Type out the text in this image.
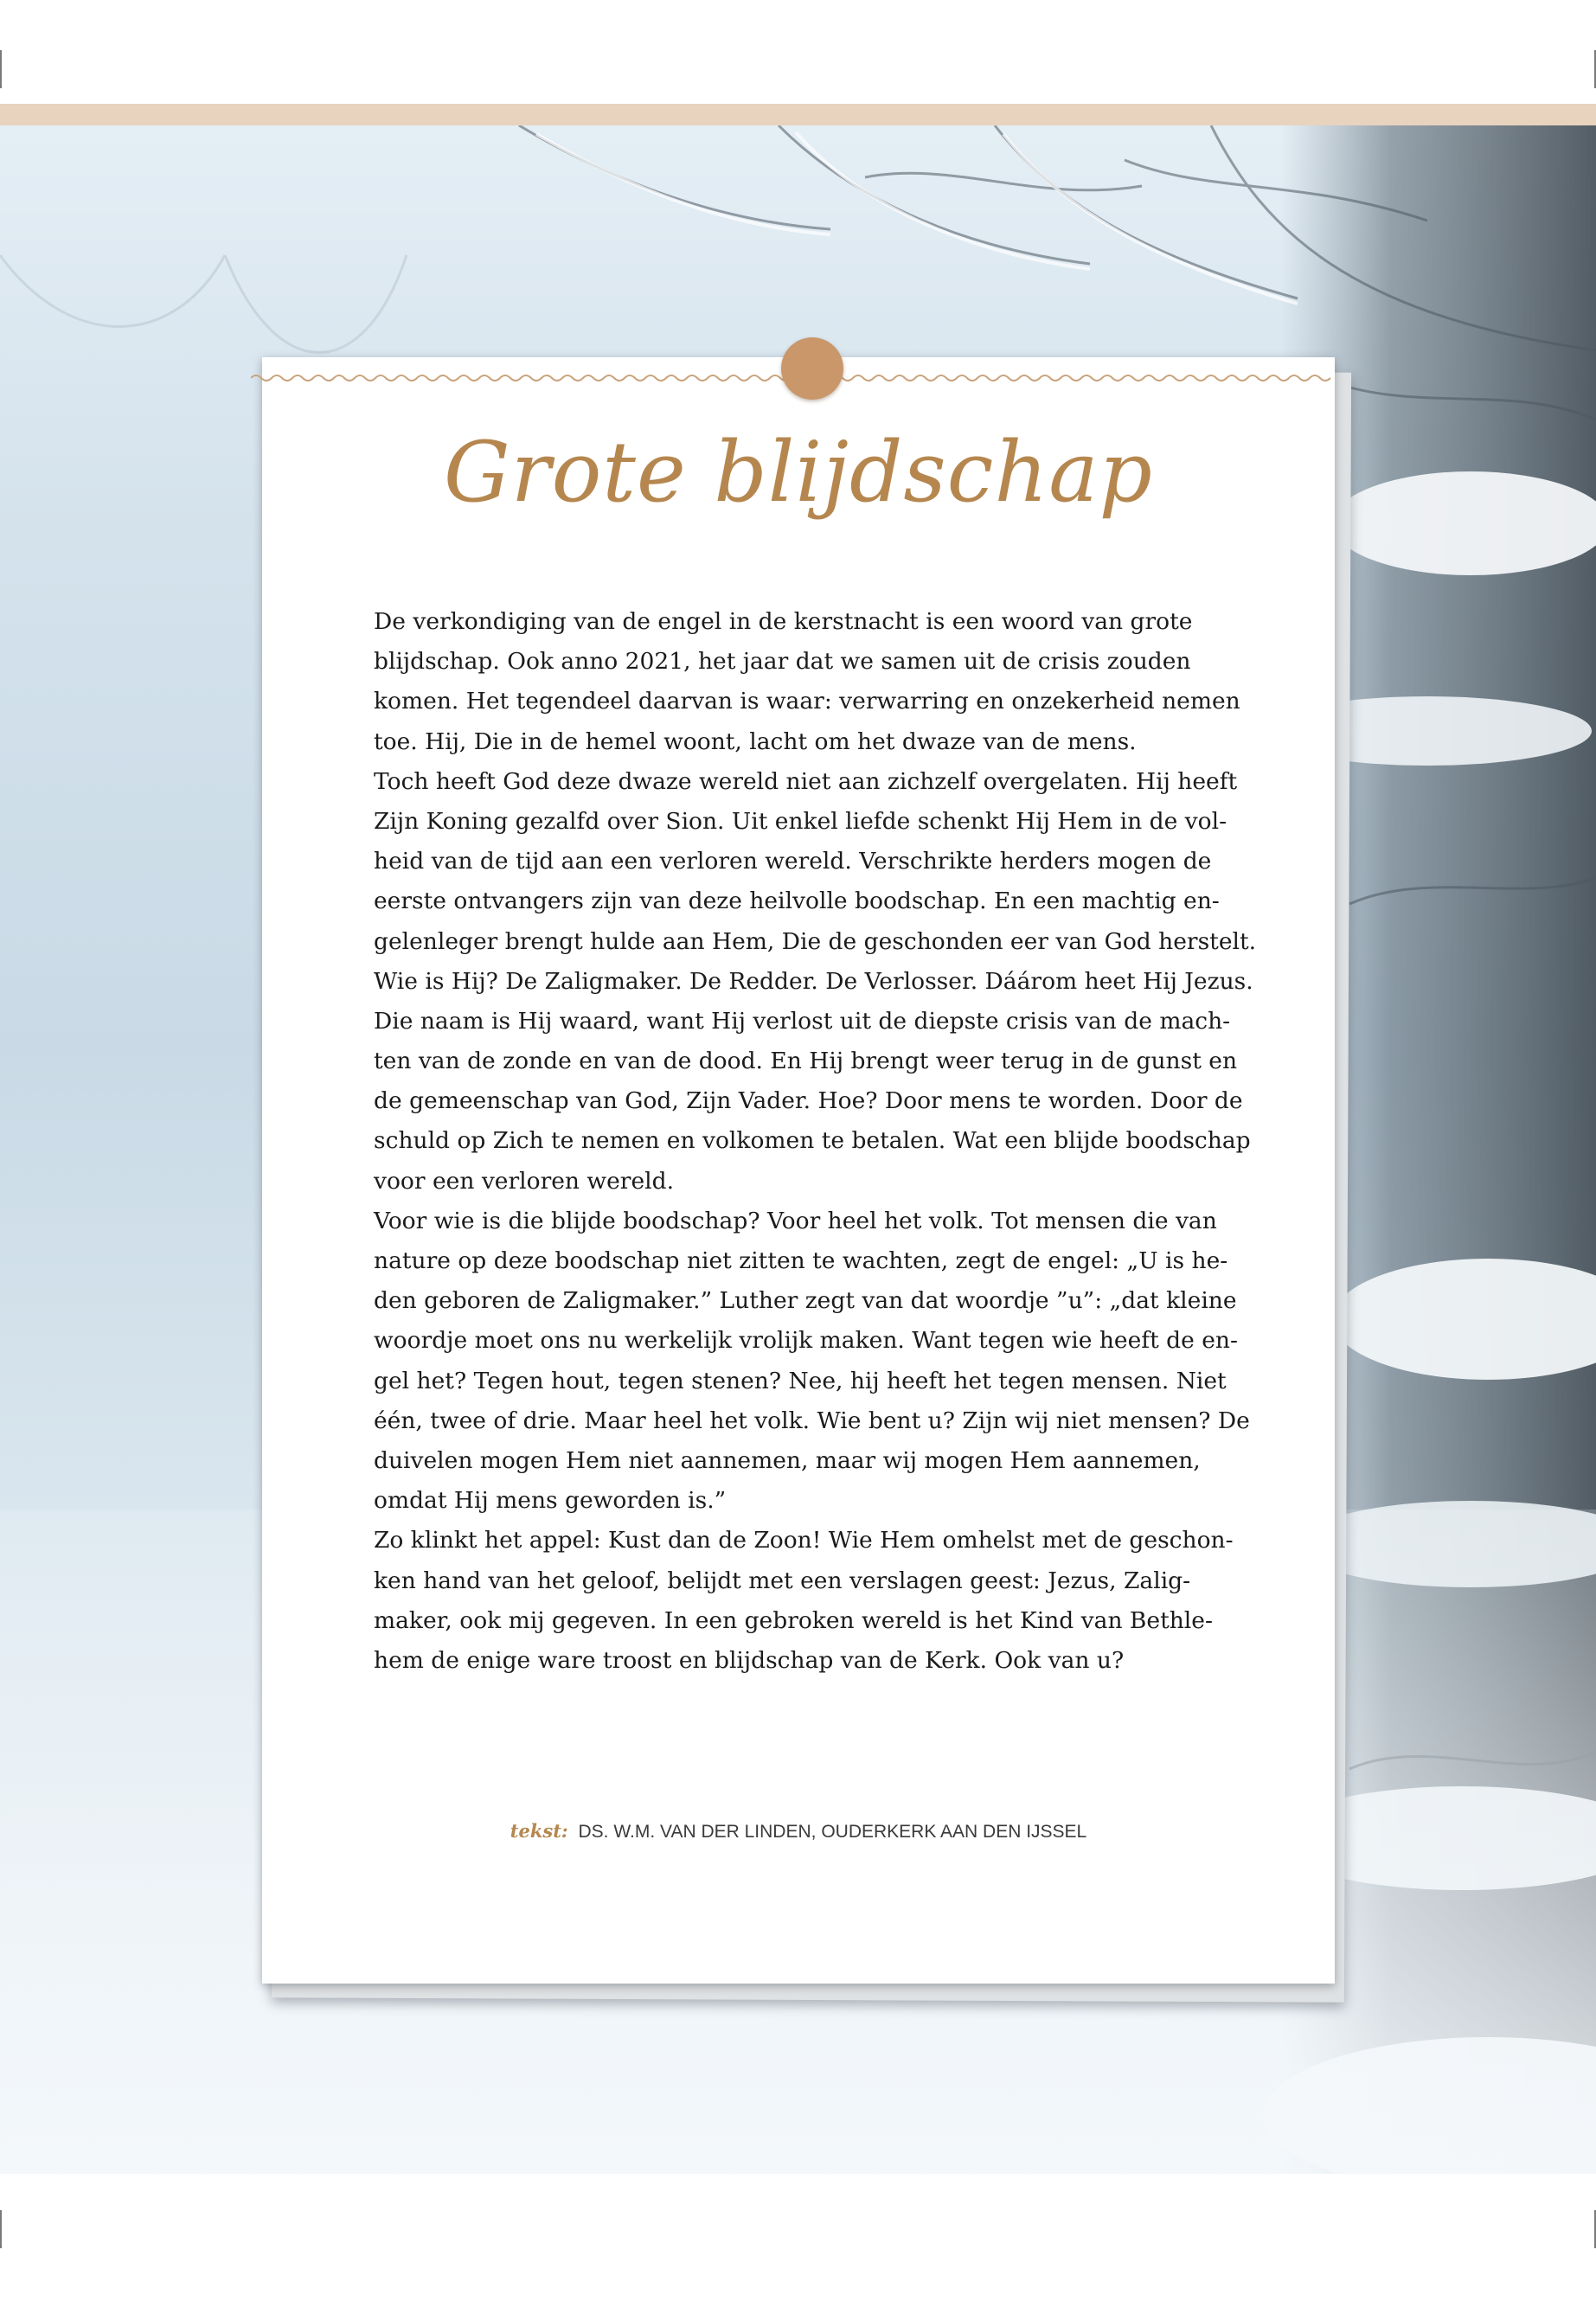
Grote blijdschap
De verkondiging van de engel in de kerstnacht is een woord van grote
blijdschap. Ook anno 2021, het jaar dat we samen uit de crisis zouden
komen. Het tegendeel daarvan is waar: verwarring en onzekerheid nemen
toe. Hij, Die in de hemel woont, lacht om het dwaze van de mens.
Toch heeft God deze dwaze wereld niet aan zichzelf overgelaten. Hij heeft
Zijn Koning gezalfd over Sion. Uit enkel liefde schenkt Hij Hem in de vol-
heid van de tijd aan een verloren wereld. Verschrikte herders mogen de
eerste ontvangers zijn van deze heilvolle boodschap. En een machtig en-
gelenleger brengt hulde aan Hem, Die de geschonden eer van God herstelt.
Wie is Hij? De Zaligmaker. De Redder. De Verlosser. Dáárom heet Hij Jezus.
Die naam is Hij waard, want Hij verlost uit de diepste crisis van de mach-
ten van de zonde en van de dood. En Hij brengt weer terug in de gunst en
de gemeenschap van God, Zijn Vader. Hoe? Door mens te worden. Door de
schuld op Zich te nemen en volkomen te betalen. Wat een blijde boodschap
voor een verloren wereld.
Voor wie is die blijde boodschap? Voor heel het volk. Tot mensen die van
nature op deze boodschap niet zitten te wachten, zegt de engel: „U is he-
den geboren de Zaligmaker.” Luther zegt van dat woordje ”u”: „dat kleine
woordje moet ons nu werkelijk vrolijk maken. Want tegen wie heeft de en-
gel het? Tegen hout, tegen stenen? Nee, hij heeft het tegen mensen. Niet
één, twee of drie. Maar heel het volk. Wie bent u? Zijn wij niet mensen? De
duivelen mogen Hem niet aannemen, maar wij mogen Hem aannemen,
omdat Hij mens geworden is.”
Zo klinkt het appel: Kust dan de Zoon! Wie Hem omhelst met de geschon-
ken hand van het geloof, belijdt met een verslagen geest: Jezus, Zalig-
maker, ook mij gegeven. In een gebroken wereld is het Kind van Bethle-
hem de enige ware troost en blijdschap van de Kerk. Ook van u?
tekst: DS. W.M. VAN DER LINDEN, OUDERKERK AAN DEN IJSSEL
